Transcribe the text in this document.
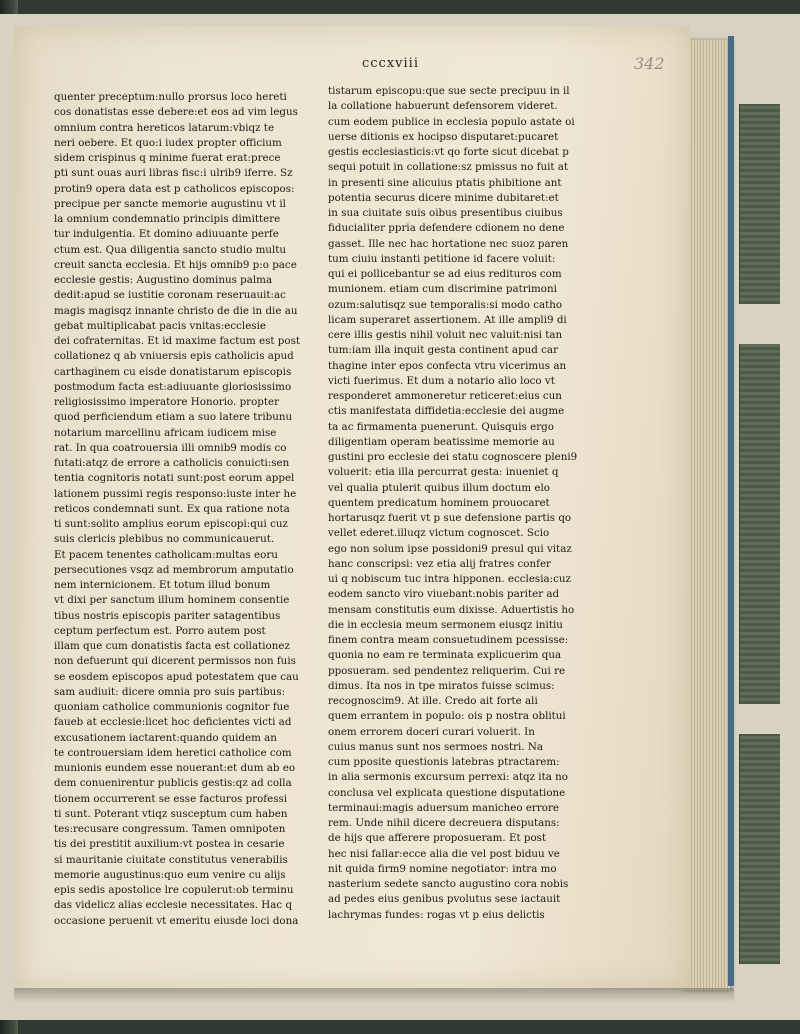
cccxviii	342
quenter preceptum:nullo prorsus loco hereti
cos donatistas esse debere:et eos ad vim legus
omnium contra hereticos latarum:vbiqz te
neri oebere. Et quo:i iudex propter officium
sidem crispinus q minime fuerat erat:prece
pti sunt ouas auri libras fisc:i ulrib9 iferre. Sz
protin9 opera data est p catholicos episcopos:
precipue per sancte memorie augustinu vt il
la omnium condemnatio principis dimittere
tur indulgentia. Et domino adiuuante perfe
ctum est. Qua diligentia sancto studio multu
creuit sancta ecclesia. Et hijs omnib9 p:o pace
ecclesie gestis: Augustino dominus palma
dedit:apud se iustitie coronam reseruauit:ac
magis magisqz innante christo de die in die au
gebat multiplicabat pacis vnitas:ecclesie
dei cofraternitas. Et id maxime factum est post
collationez q ab vniuersis epis catholicis apud
carthaginem cu eisde donatistarum episcopis
postmodum facta est:adiuuante gloriosissimo
religiosissimo imperatore Honorio. propter
quod perficiendum etiam a suo latere tribunu
notarium marcellinu africam iudicem mise
rat. In qua coatrouersia illi omnib9 modis co
futati:atqz de errore a catholicis conuicti:sen
tentia cognitoris notati sunt:post eorum appel
lationem pussimi regis responso:iuste inter he
reticos condemnati sunt. Ex qua ratione nota
ti sunt:solito amplius eorum episcopi:qui cuz
suis clericis plebibus no communicauerut.
Et pacem tenentes catholicam:multas eoru
persecutiones vsqz ad membrorum amputatio
nem internicionem. Et totum illud bonum
vt dixi per sanctum illum hominem consentie
tibus nostris episcopis pariter satagentibus
ceptum perfectum est. Porro autem post
illam que cum donatistis facta est collationez
non defuerunt qui dicerent permissos non fuis
se eosdem episcopos apud potestatem que cau
sam audiuit: dicere omnia pro suis partibus:
quoniam catholice communionis cognitor fue
faueb at ecclesie:licet hoc deficientes victi ad
excusationem iactarent:quando quidem an
te controuersiam idem heretici catholice com
munionis eundem esse nouerant:et dum ab eo
dem conuenirentur publicis gestis:qz ad colla
tionem occurrerent se esse facturos professi
ti sunt. Poterant vtiqz susceptum cum haben
tes:recusare congressum. Tamen omnipoten
tis dei prestitit auxilium:vt postea in cesarie
si mauritanie ciuitate constitutus venerabilis
memorie augustinus:quo eum venire cu alijs
epis sedis apostolice lre copulerut:ob terminu
das videlicz alias ecclesie necessitates. Hac q
occasione peruenit vt emeritu eiusde loci dona
tistarum episcopu:que sue secte precipuu in il
la collatione habuerunt defensorem videret.
cum eodem publice in ecclesia populo astate oi
uerse ditionis ex hocipso disputaret:pucaret
gestis ecclesiasticis:vt qo forte sicut dicebat p
sequi potuit in collatione:sz pmissus no fuit at
in presenti sine alicuius ptatis phibitione ant
potentia securus dicere minime dubitaret:et
in sua ciuitate suis oibus presentibus ciuibus
fiducialiter ppria defendere cdionem no dene
gasset. Ille nec hac hortatione nec suoz paren
tum ciuiu instanti petitione id facere voluit:
qui ei pollicebantur se ad eius redituros com
munionem. etiam cum discrimine patrimoni
ozum:salutisqz sue temporalis:si modo catho
licam superaret assertionem. At ille ampli9 di
cere illis gestis nihil voluit nec valuit:nisi tan
tum:iam illa inquit gesta continent apud car
thagine inter epos confecta vtru vicerimus an
victi fuerimus. Et dum a notario alio loco vt
responderet ammoneretur reticeret:eius cun
ctis manifestata diffidetia:ecclesie dei augme
ta ac firmamenta puenerunt. Quisquis ergo
diligentiam operam beatissime memorie au
gustini pro ecclesie dei statu cognoscere pleni9
voluerit: etia illa percurrat gesta: inueniet q
vel qualia ptulerit quibus illum doctum elo
quentem predicatum hominem prouocaret
hortarusqz fuerit vt p sue defensione partis qo
vellet ederet.illuqz victum cognoscet. Scio
ego non solum ipse possidoni9 presul qui vitaz
hanc conscripsi: vez etia alij fratres confer
ui q nobiscum tuc intra hipponen. ecclesia:cuz
eodem sancto viro viuebant:nobis pariter ad
mensam constitutis eum dixisse. Aduertistis ho
die in ecclesia meum sermonem eiusqz initiu
finem contra meam consuetudinem pcessisse:
quonia no eam re terminata explicuerim qua
pposueram. sed pendentez reliquerim. Cui re
dimus. Ita nos in tpe miratos fuisse scimus:
recognoscim9. At ille. Credo ait forte ali
quem errantem in populo: ois p nostra oblitui
onem errorem doceri curari voluerit. In
cuius manus sunt nos sermoes nostri. Na
cum pposite questionis latebras ptractarem:
in alia sermonis excursum perrexi: atqz ita no
conclusa vel explicata questione disputatione
terminaui:magis aduersum manicheo errore
rem. Unde nihil dicere decreuera disputans:
de hijs que afferere proposueram. Et post
hec nisi fallar:ecce alia die vel post biduu ve
nit quida firm9 nomine negotiator: intra mo
nasterium sedete sancto augustino cora nobis
ad pedes eius genibus pvolutus sese iactauit
lachrymas fundes: rogas vt p eius delictis
